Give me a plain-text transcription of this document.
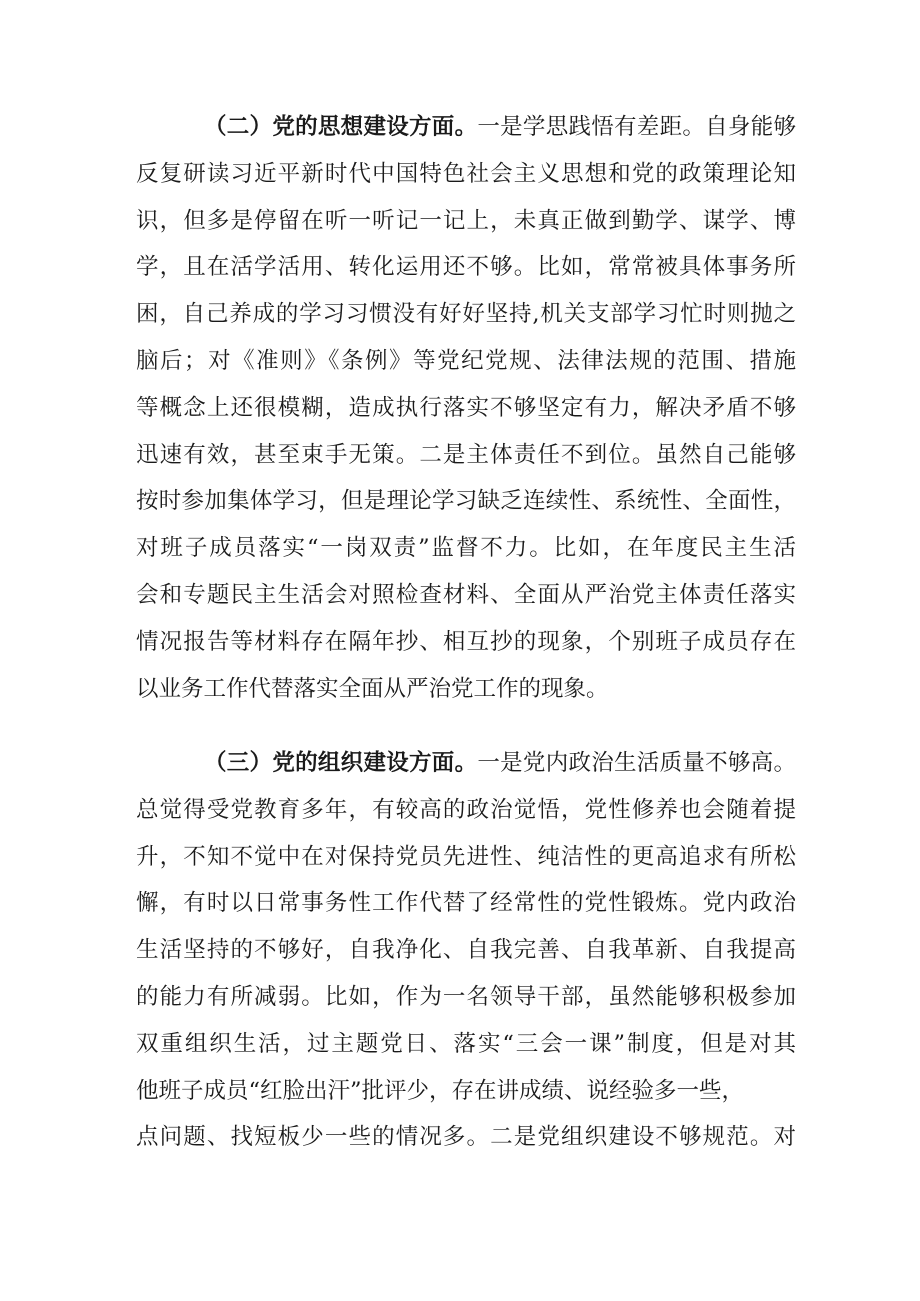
（二）党的思想建设方面。一是学思践悟有差距。自身能够
反复研读习近平新时代中国特色社会主义思想和党的政策理论知
识，但多是停留在听一听记一记上，未真正做到勤学、谋学、博
学，且在活学活用、转化运用还不够。比如，常常被具体事务所
困，自己养成的学习习惯没有好好坚持,机关支部学习忙时则抛之
脑后；对《准则》《条例》等党纪党规、法律法规的范围、措施
等概念上还很模糊，造成执行落实不够坚定有力，解决矛盾不够
迅速有效，甚至束手无策。二是主体责任不到位。虽然自己能够
按时参加集体学习，但是理论学习缺乏连续性、系统性、全面性，
对班子成员落实“一岗双责”监督不力。比如，在年度民主生活
会和专题民主生活会对照检查材料、全面从严治党主体责任落实
情况报告等材料存在隔年抄、相互抄的现象，个别班子成员存在
以业务工作代替落实全面从严治党工作的现象。
（三）党的组织建设方面。一是党内政治生活质量不够高。
总觉得受党教育多年，有较高的政治觉悟，党性修养也会随着提
升，不知不觉中在对保持党员先进性、纯洁性的更高追求有所松
懈，有时以日常事务性工作代替了经常性的党性锻炼。党内政治
生活坚持的不够好，自我净化、自我完善、自我革新、自我提高
的能力有所减弱。比如，作为一名领导干部，虽然能够积极参加
双重组织生活，过主题党日、落实“三会一课”制度，但是对其
他班子成员“红脸出汗”批评少，存在讲成绩、说经验多一些，
点问题、找短板少一些的情况多。二是党组织建设不够规范。对
